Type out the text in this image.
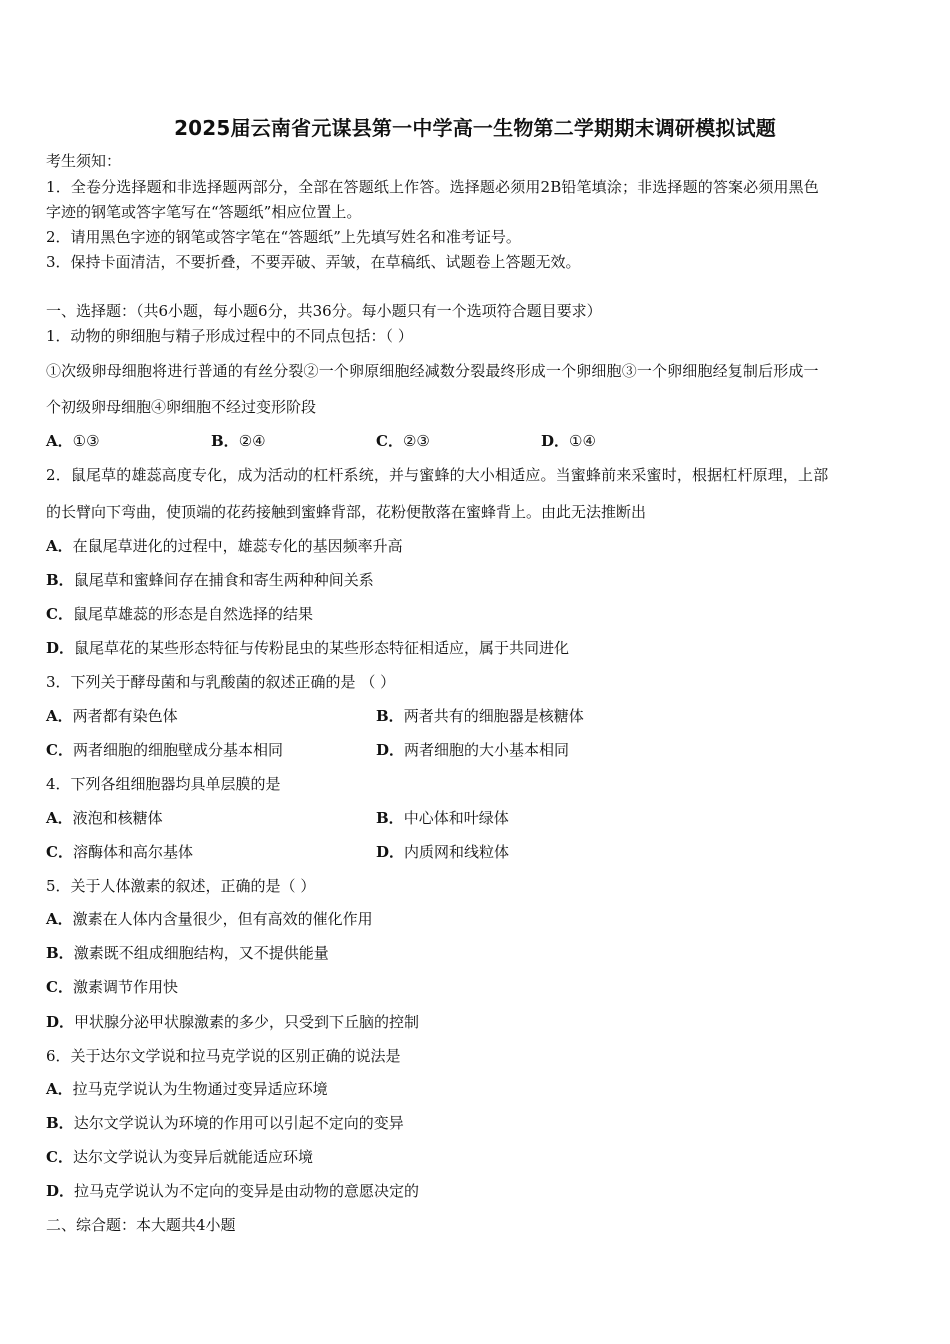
2025届云南省元谋县第一中学高一生物第二学期期末调研模拟试题
考生须知：
1．全卷分选择题和非选择题两部分，全部在答题纸上作答。选择题必须用2B铅笔填涂；非选择题的答案必须用黑色
字迹的钢笔或答字笔写在“答题纸”相应位置上。
2．请用黑色字迹的钢笔或答字笔在“答题纸”上先填写姓名和准考证号。
3．保持卡面清洁，不要折叠，不要弄破、弄皱，在草稿纸、试题卷上答题无效。
一、选择题：（共6小题，每小题6分，共36分。每小题只有一个选项符合题目要求）
1．动物的卵细胞与精子形成过程中的不同点包括：（ ）
①次级卵母细胞将进行普通的有丝分裂②一个卵原细胞经减数分裂最终形成一个卵细胞③一个卵细胞经复制后形成一
个初级卵母细胞④卵细胞不经过变形阶段
A．①③	B．②④	C．②③	D．①④
2．鼠尾草的雄蕊高度专化，成为活动的杠杆系统，并与蜜蜂的大小相适应。当蜜蜂前来采蜜时，根据杠杆原理，上部
的长臂向下弯曲，使顶端的花药接触到蜜蜂背部，花粉便散落在蜜蜂背上。由此无法推断出
A．在鼠尾草进化的过程中，雄蕊专化的基因频率升高
B．鼠尾草和蜜蜂间存在捕食和寄生两种种间关系
C．鼠尾草雄蕊的形态是自然选择的结果
D．鼠尾草花的某些形态特征与传粉昆虫的某些形态特征相适应，属于共同进化
3．下列关于酵母菌和与乳酸菌的叙述正确的是 （ ）
A．两者都有染色体	B．两者共有的细胞器是核糖体
C．两者细胞的细胞壁成分基本相同	D．两者细胞的大小基本相同
4．下列各组细胞器均具单层膜的是
A．液泡和核糖体	B．中心体和叶绿体
C．溶酶体和高尔基体	D．内质网和线粒体
5．关于人体激素的叙述，正确的是（ ）
A．激素在人体内含量很少，但有高效的催化作用
B．激素既不组成细胞结构，又不提供能量
C．激素调节作用快
D．甲状腺分泌甲状腺激素的多少，只受到下丘脑的控制
6．关于达尔文学说和拉马克学说的区别正确的说法是
A．拉马克学说认为生物通过变异适应环境
B．达尔文学说认为环境的作用可以引起不定向的变异
C．达尔文学说认为变异后就能适应环境
D．拉马克学说认为不定向的变异是由动物的意愿决定的
二、综合题：本大题共4小题
